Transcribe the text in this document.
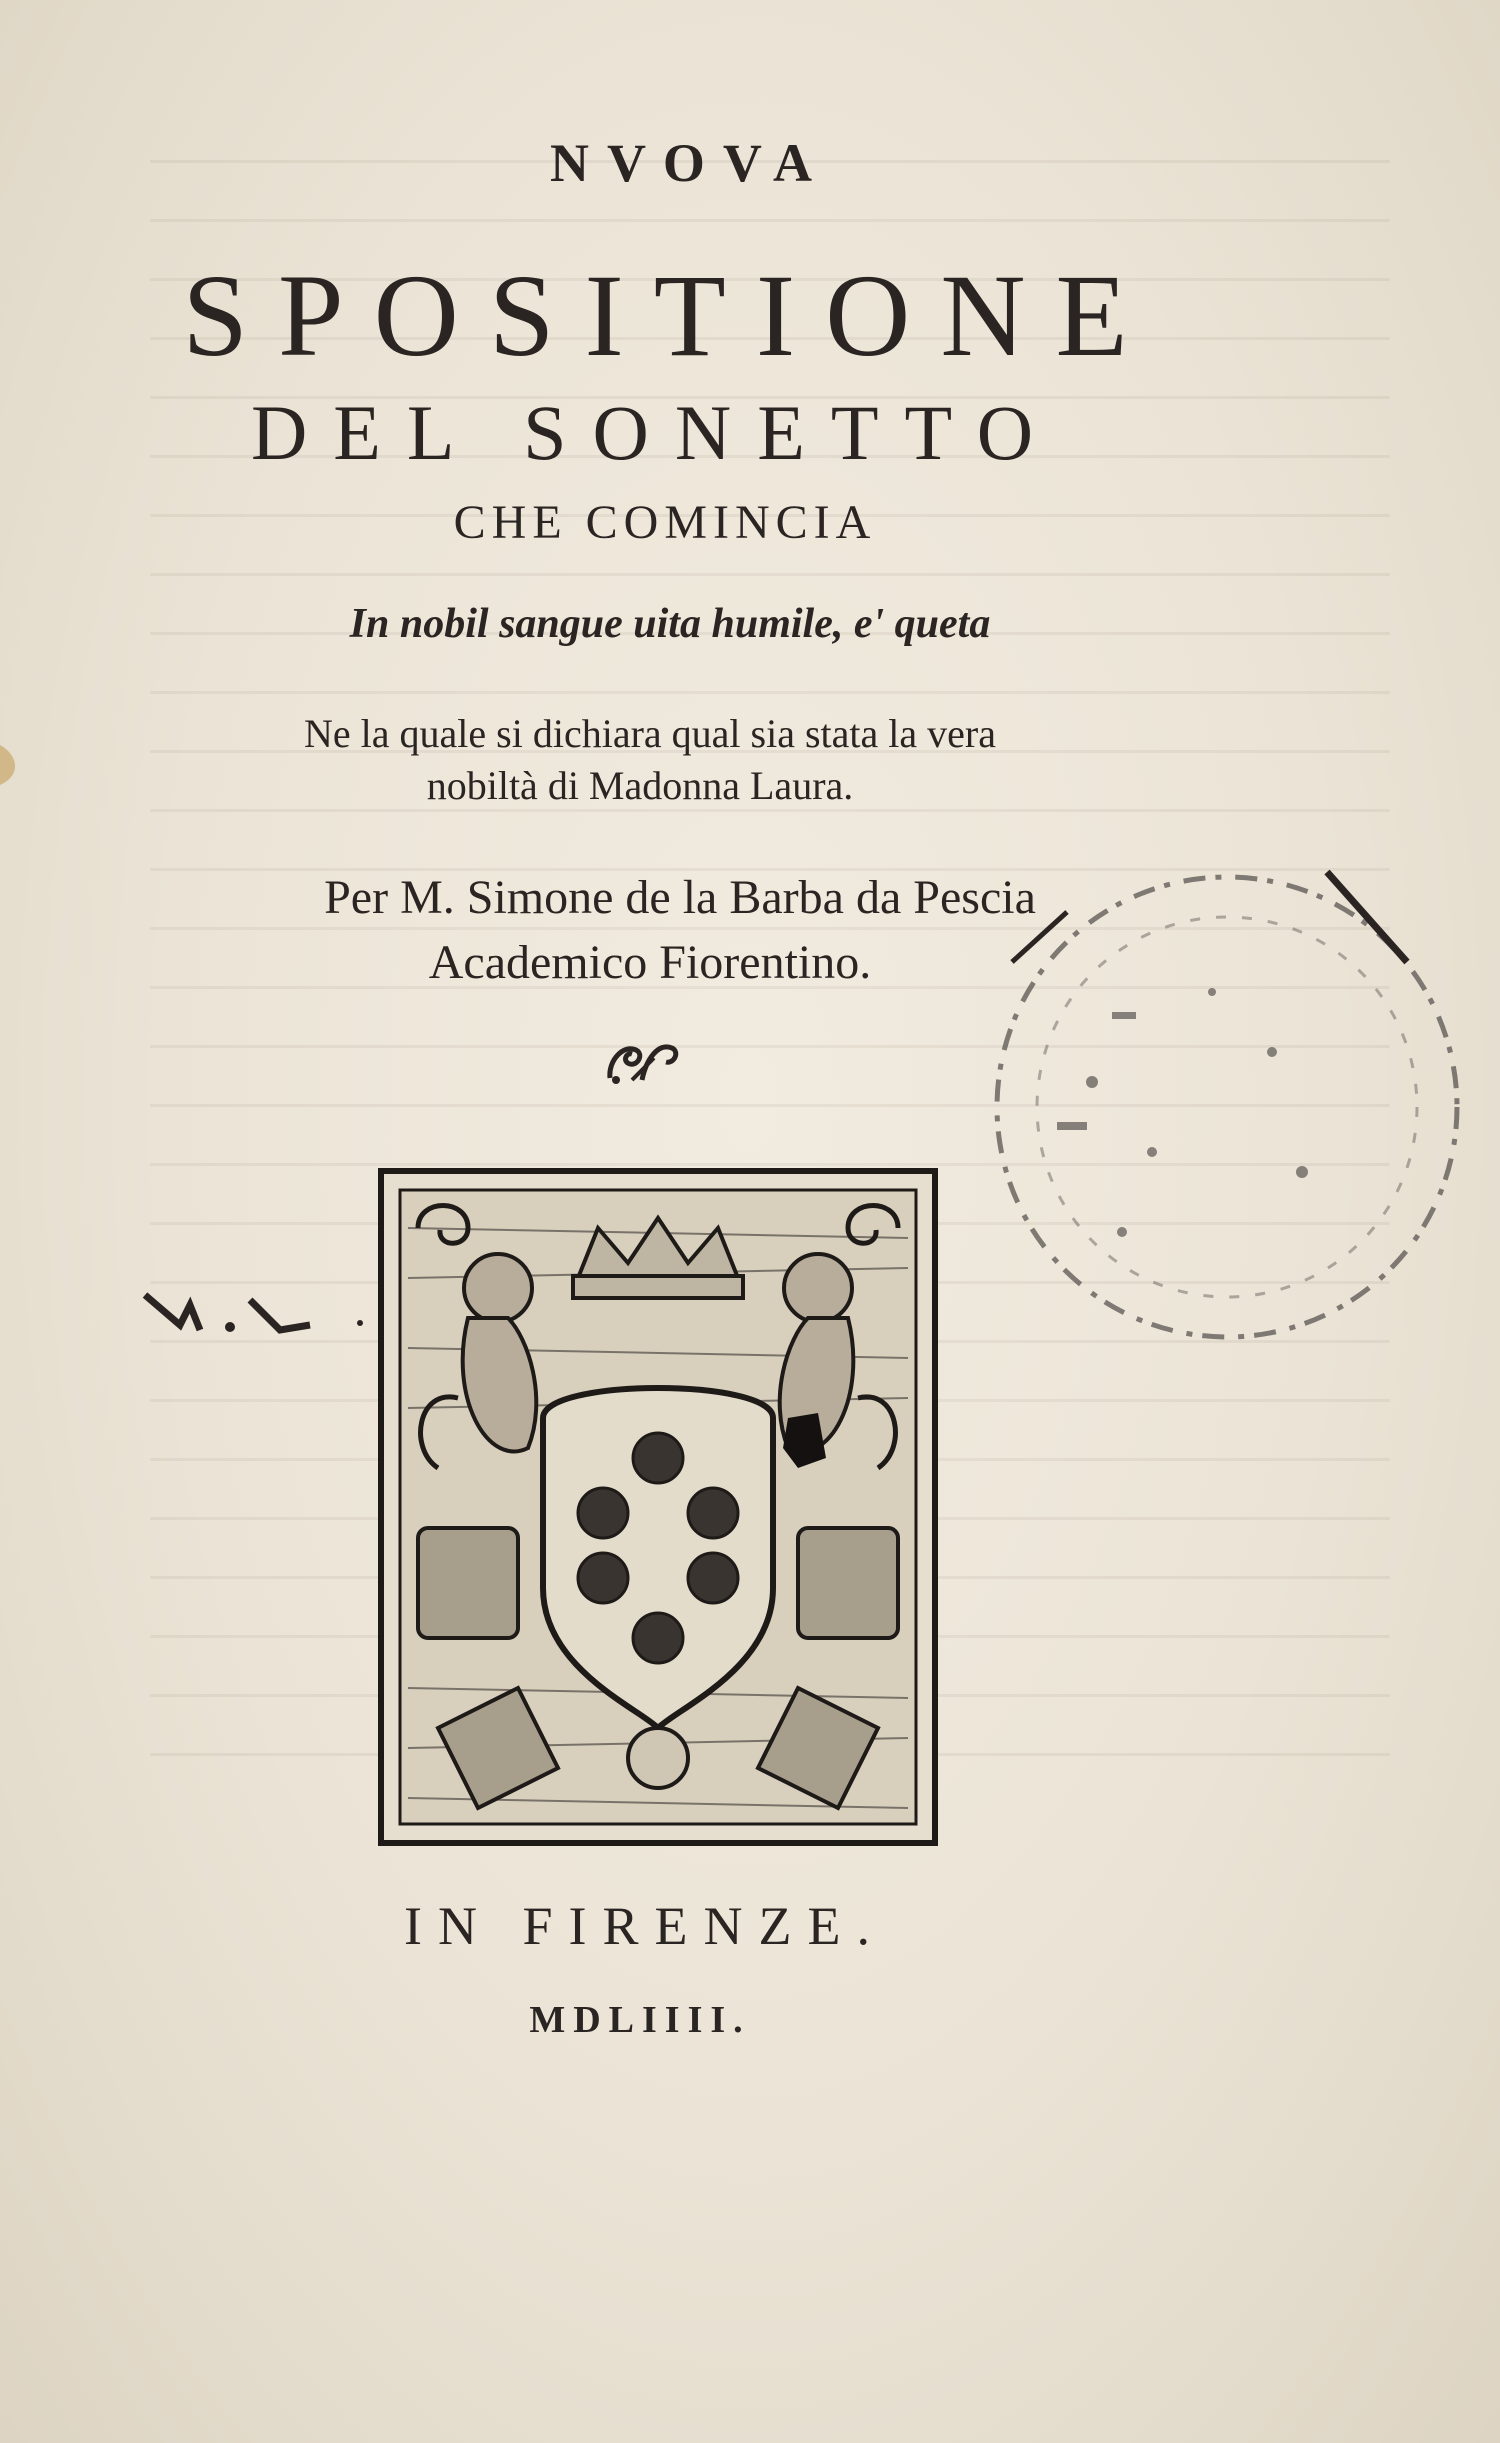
NVOVA
SPOSITIONE
DEL SONETTO
CHE COMINCIA
In nobil sangue uita humile, e' queta
Ne la quale si dichiara qual sia stata la vera
nobiltà di Madonna Laura.
Per M. Simone de la Barba da Pescia
Academico Fiorentino.
IN FIRENZE.
MDLIIII.
